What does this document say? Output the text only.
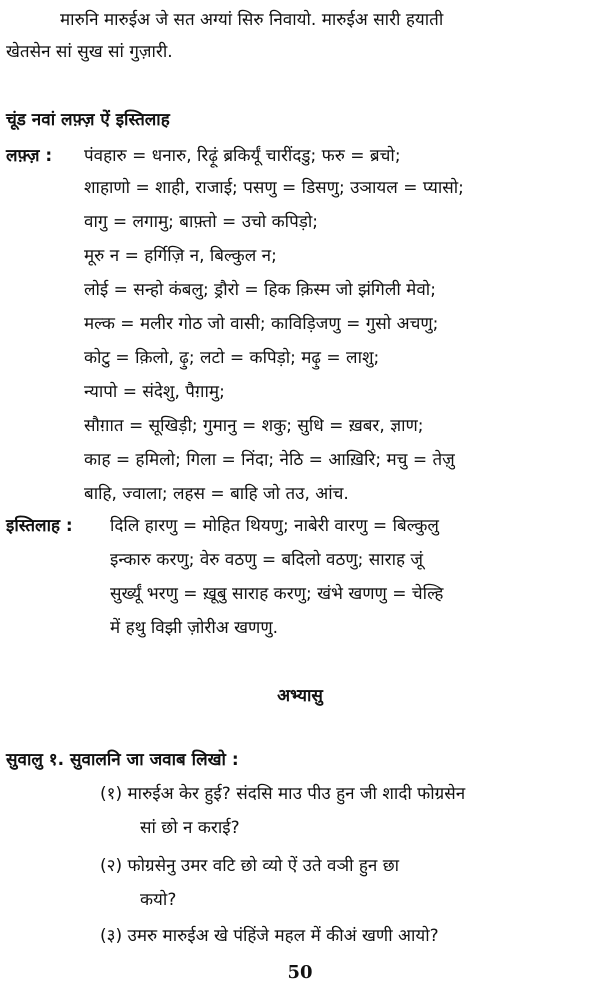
मारुनि मारुईअ जे सत अग्यां सिरु निवायो. मारुईअ सारी हयाती
खेतसेन सां सुख सां गुज़ारी.
चूंड नवां लफ़्ज़ ऐं इस्तिलाह
लफ़्ज़ : पंवहारु = धनारु, रिढ़ूं ब्रकिर्यूं चारींदडु; फरु = ब्रचो;
शाहाणो = शाही, राजाई; पसणु = डिसणु; उञायल = प्यासो;
वागु = लगामु; बाफ़्तो = उचो कपिड़ो;
मूरु न = हर्गिज़ि न, बिल्कुल न;
लोई = सन्हो कंबलु; ड्रौरो = हिक क़िस्म जो झंगिली मेवो;
मल्क = मलीर गोठ जो वासी; काविड़िजणु = गुसो अचणु;
कोटु = क़िलो, ढ़ु; लटो = कपिड़ो; मढ़ु = लाशु;
न्यापो = संदेशु, पैग़ामु;
सौग़ात = सूखिड़ी; गुमानु = शकु; सुधि = ख़बर, ज्ञाण;
काह = हमिलो; गिला = निंदा; नेठि = आख़िरि; मचु = तेज़ु
बाहि, ज्वाला; लहस = बाहि जो तउ, आंच.
इस्तिलाह : दिलि हारणु = मोहित थियणु; नाबेरी वारणु = बिल्कुलु
इन्कारु करणु; वेरु वठणु = बदिलो वठणु; साराह जूं
सुर्ख्यूं भरणु = ख़ूबु साराह करणु; खंभे खणणु = चेल्हि
में हथु विझी ज़ोरीअ खणणु.
अभ्यासु
सुवालु १. सुवालनि जा जवाब लिखो :
(१) मारुईअ केर हुई? संदसि माउ पीउ हुन जी शादी फोग्रसेन
सां छो न कराई?
(२) फोग्रसेनु उमर वटि छो व्यो ऐं उते वञी हुन छा
कयो?
(३) उमरु मारुईअ खे पंहिंजे महल में कीअं खणी आयो?
50
